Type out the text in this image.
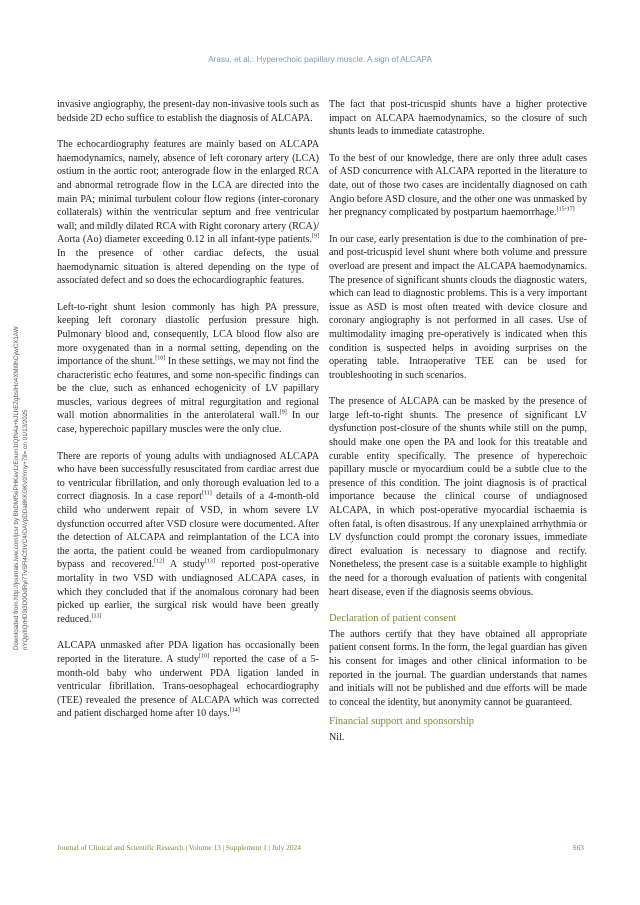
Arasu, et al.: Hyperechoic papillary muscle: A sign of ALCAPA
Downloaded from http://journals.lww.com/jcsr by BhDMf5ePHKav1zEoum1tQfN4a+kJLhEZgbsIHo4XMi0hCywCX1AW nYQp/IlQrHD3i3D0OdRyi7TvSFl4Cf3VC4/OAVpDDa8KKGKV0Ymy+78= on 01/13/2025

invasive angiography, the present-day non-invasive tools such as bedside 2D echo suffice to establish the diagnosis of ALCAPA.

The echocardiography features are mainly based on ALCAPA haemodynamics, namely, absence of left coronary artery (LCA) ostium in the aortic root; anterograde flow in the enlarged RCA and abnormal retrograde flow in the LCA are directed into the main PA; minimal turbulent colour flow regions (inter-coronary collaterals) within the ventricular septum and free ventricular wall; and mildly dilated RCA with Right coronary artery (RCA)/ Aorta (Ao) diameter exceeding 0.12 in all infant-type patients.[9] In the presence of other cardiac defects, the usual haemodynamic situation is altered depending on the type of associated defect and so does the echocardiographic features.

Left-to-right shunt lesion commonly has high PA pressure, keeping left coronary diastolic perfusion pressure high. Pulmonary blood and, consequently, LCA blood flow also are more oxygenated than in a normal setting, depending on the importance of the shunt.[10] In these settings, we may not find the characteristic echo features, and some non-specific findings can be the clue, such as enhanced echogenicity of LV papillary muscles, various degrees of mitral regurgitation and regional wall motion abnormalities in the anterolateral wall.[9] In our case, hyperechoic papillary muscles were the only clue.

There are reports of young adults with undiagnosed ALCAPA who have been successfully resuscitated from cardiac arrest due to ventricular fibrillation, and only thorough evaluation led to a correct diagnosis. In a case report[11] details of a 4-month-old child who underwent repair of VSD, in whom severe LV dysfunction occurred after VSD closure were documented. After the detection of ALCAPA and reimplantation of the LCA into the aorta, the patient could be weaned from cardiopulmonary bypass and recovered.[12] A study[13] reported post-operative mortality in two VSD with undiagnosed ALCAPA cases, in which they concluded that if the anomalous coronary had been picked up earlier, the surgical risk would have been greatly reduced.[13]

ALCAPA unmasked after PDA ligation has occasionally been reported in the literature. A study[10] reported the case of a 5-month-old baby who underwent PDA ligation landed in ventricular fibrillation. Trans-oesophageal echocardiography (TEE) revealed the presence of ALCAPA which was corrected and patient discharged home after 10 days.[14]

The fact that post-tricuspid shunts have a higher protective impact on ALCAPA haemodynamics, so the closure of such shunts leads to immediate catastrophe.

To the best of our knowledge, there are only three adult cases of ASD concurrence with ALCAPA reported in the literature to date, out of those two cases are incidentally diagnosed on cath Angio before ASD closure, and the other one was unmasked by her pregnancy complicated by postpartum haemorrhage.[15-17]

In our case, early presentation is due to the combination of pre- and post-tricuspid level shunt where both volume and pressure overload are present and impact the ALCAPA haemodynamics. The presence of significant shunts clouds the diagnostic waters, which can lead to diagnostic problems. This is a very important issue as ASD is most often treated with device closure and coronary angiography is not performed in all cases. Use of multimodality imaging pre-operatively is indicated when this condition is suspected helps in avoiding surprises on the operating table. Intraoperative TEE can be used for troubleshooting in such scenarios.

The presence of ALCAPA can be masked by the presence of large left-to-right shunts. The presence of significant LV dysfunction post-closure of the shunts while still on the pump, should make one open the PA and look for this treatable and curable entity specifically. The presence of hyperechoic papillary muscle or myocardium could be a subtle clue to the presence of this condition. The joint diagnosis is of practical importance because the clinical course of undiagnosed ALCAPA, in which post-operative myocardial ischaemia is often fatal, is often disastrous. If any unexplained arrhythmia or LV dysfunction could prompt the coronary issues, immediate direct evaluation is necessary to diagnose and rectify. Nonetheless, the present case is a suitable example to highlight the need for a thorough evaluation of patients with congenital heart disease, even if the diagnosis seems obvious.

Declaration of patient consent

The authors certify that they have obtained all appropriate patient consent forms. In the form, the legal guardian has given his consent for images and other clinical information to be reported in the journal. The guardian understands that names and initials will not be published and due efforts will be made to conceal the identity, but anonymity cannot be guaranteed.

Financial support and sponsorship

Nil.

Journal of Clinical and Scientific Research | Volume 13 | Supplement 1 | July 2024	S63
